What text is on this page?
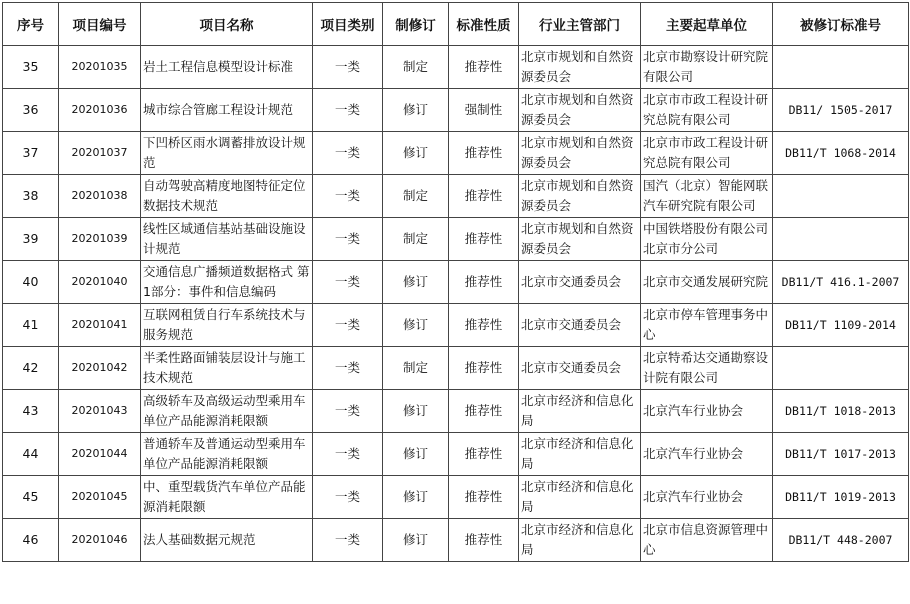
序号	项目编号	项目名称	项目类别	制修订	标准性质	行业主管部门	主要起草单位	被修订标准号
35	20201035	岩土工程信息模型设计标准	一类	制定	推荐性	北京市规划和自然资源委员会	北京市勘察设计研究院有限公司	
36	20201036	城市综合管廊工程设计规范	一类	修订	强制性	北京市规划和自然资源委员会	北京市市政工程设计研究总院有限公司	DB11/ 1505-2017
37	20201037	下凹桥区雨水调蓄排放设计规范	一类	修订	推荐性	北京市规划和自然资源委员会	北京市市政工程设计研究总院有限公司	DB11/T 1068-2014
38	20201038	自动驾驶高精度地图特征定位数据技术规范	一类	制定	推荐性	北京市规划和自然资源委员会	国汽（北京）智能网联汽车研究院有限公司	
39	20201039	线性区域通信基站基础设施设计规范	一类	制定	推荐性	北京市规划和自然资源委员会	中国铁塔股份有限公司北京市分公司	
40	20201040	交通信息广播频道数据格式 第1部分：事件和信息编码	一类	修订	推荐性	北京市交通委员会	北京市交通发展研究院	DB11/T 416.1-2007
41	20201041	互联网租赁自行车系统技术与服务规范	一类	修订	推荐性	北京市交通委员会	北京市停车管理事务中心	DB11/T 1109-2014
42	20201042	半柔性路面铺装层设计与施工技术规范	一类	制定	推荐性	北京市交通委员会	北京特希达交通勘察设计院有限公司	
43	20201043	高级轿车及高级运动型乘用车单位产品能源消耗限额	一类	修订	推荐性	北京市经济和信息化局	北京汽车行业协会	DB11/T 1018-2013
44	20201044	普通轿车及普通运动型乘用车单位产品能源消耗限额	一类	修订	推荐性	北京市经济和信息化局	北京汽车行业协会	DB11/T 1017-2013
45	20201045	中、重型载货汽车单位产品能源消耗限额	一类	修订	推荐性	北京市经济和信息化局	北京汽车行业协会	DB11/T 1019-2013
46	20201046	法人基础数据元规范	一类	修订	推荐性	北京市经济和信息化局	北京市信息资源管理中心	DB11/T 448-2007
